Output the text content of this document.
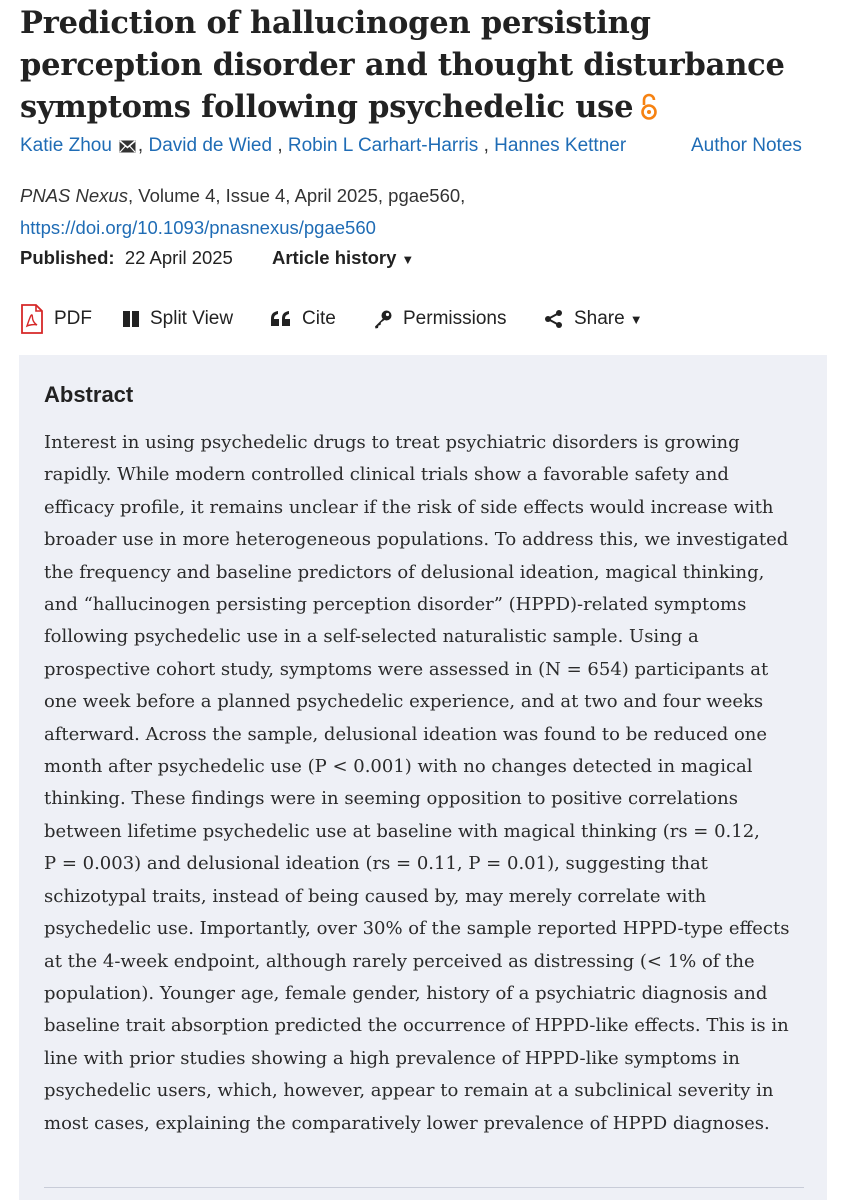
Prediction of hallucinogen persisting perception disorder and thought disturbance symptoms following psychedelic use
Katie Zhou , David de Wied , Robin L Carhart-Harris , Hannes Kettner	Author Notes
PNAS Nexus, Volume 4, Issue 4, April 2025, pgae560,
https://doi.org/10.1093/pnasnexus/pgae560
Published: 22 April 2025 Article history ▼
PDF	Split View	Cite	Permissions	Share ▼
Abstract

Interest in using psychedelic drugs to treat psychiatric disorders is growing
rapidly. While modern controlled clinical trials show a favorable safety and
efficacy profile, it remains unclear if the risk of side effects would increase with
broader use in more heterogeneous populations. To address this, we investigated
the frequency and baseline predictors of delusional ideation, magical thinking,
and “hallucinogen persisting perception disorder” (HPPD)-related symptoms
following psychedelic use in a self-selected naturalistic sample. Using a
prospective cohort study, symptoms were assessed in (N = 654) participants at
one week before a planned psychedelic experience, and at two and four weeks
afterward. Across the sample, delusional ideation was found to be reduced one
month after psychedelic use (P < 0.001) with no changes detected in magical
thinking. These findings were in seeming opposition to positive correlations
between lifetime psychedelic use at baseline with magical thinking (rs = 0.12,
P = 0.003) and delusional ideation (rs = 0.11, P = 0.01), suggesting that
schizotypal traits, instead of being caused by, may merely correlate with
psychedelic use. Importantly, over 30% of the sample reported HPPD-type effects
at the 4-week endpoint, although rarely perceived as distressing (< 1% of the
population). Younger age, female gender, history of a psychiatric diagnosis and
baseline trait absorption predicted the occurrence of HPPD-like effects. This is in
line with prior studies showing a high prevalence of HPPD-like symptoms in
psychedelic users, which, however, appear to remain at a subclinical severity in
most cases, explaining the comparatively lower prevalence of HPPD diagnoses.
